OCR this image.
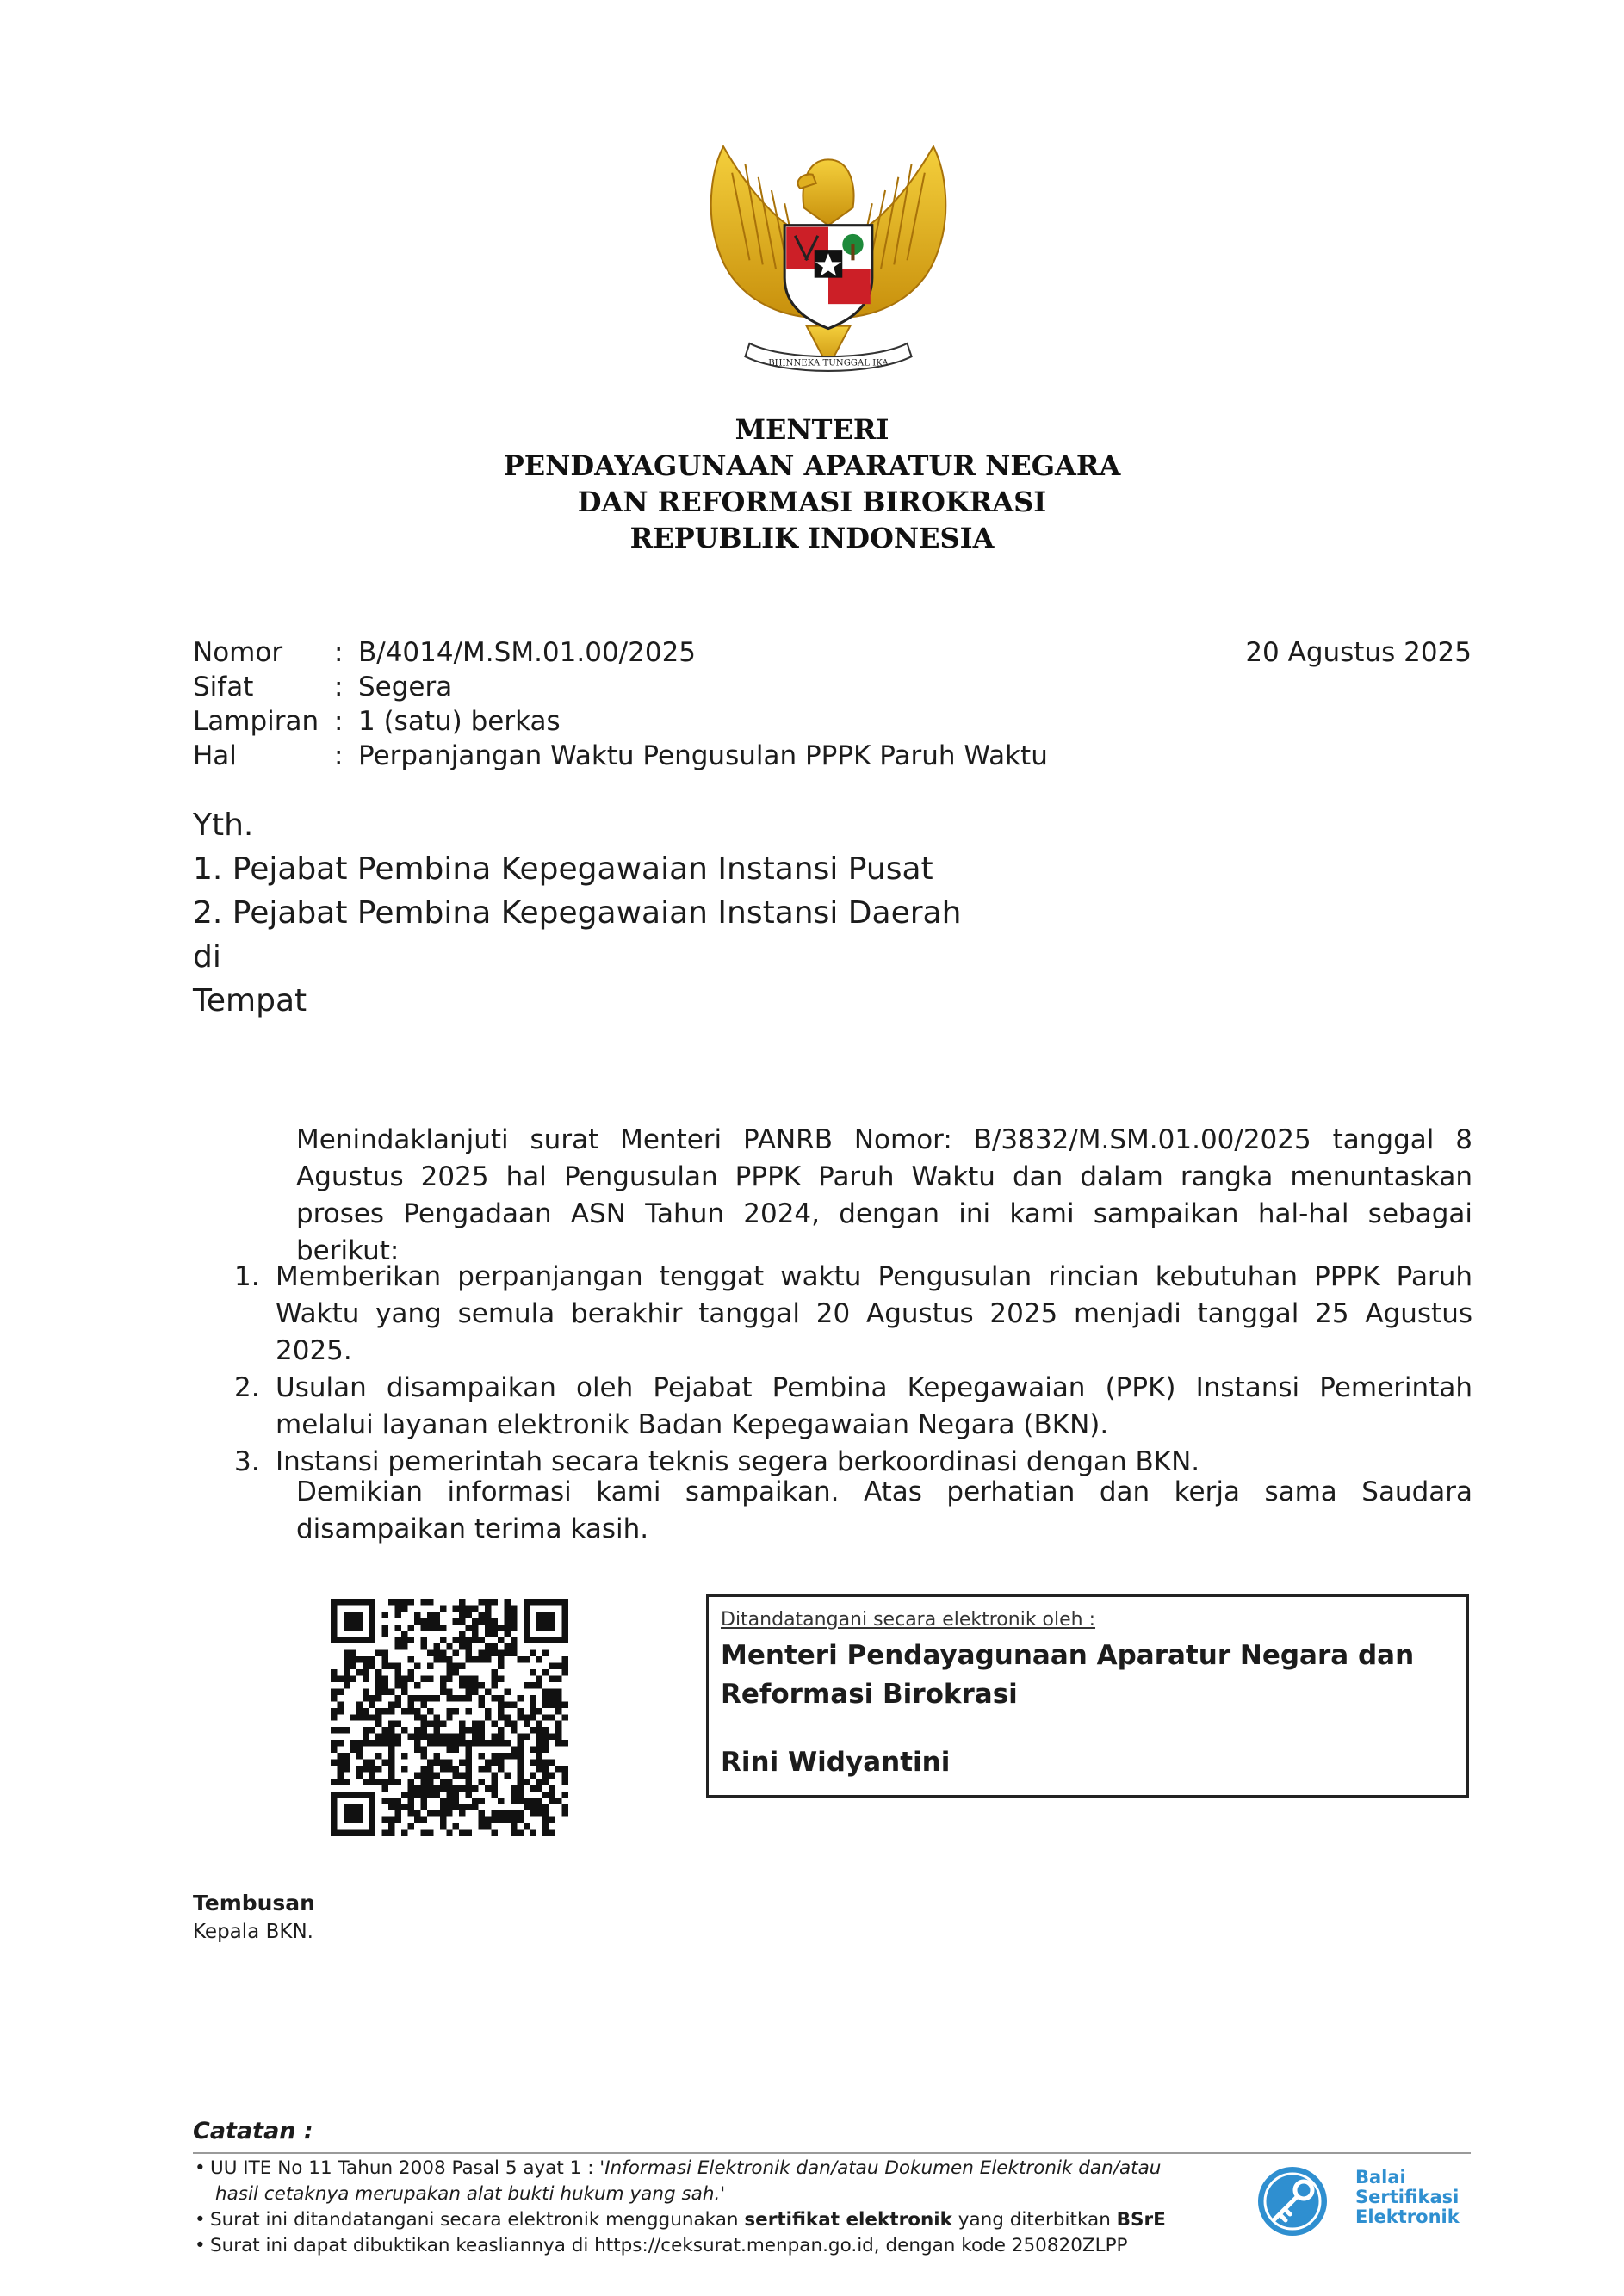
BHINNEKA TUNGGAL IKA
MENTERI
PENDAYAGUNAAN APARATUR NEGARA
DAN REFORMASI BIROKRASI
REPUBLIK INDONESIA
Nomor : B/4014/M.SM.01.00/2025
Sifat	: Segera
Lampiran : 1 (satu) berkas
Hal	: Perpanjangan Waktu Pengusulan PPPK Paruh Waktu
20 Agustus 2025
Yth.
1. Pejabat Pembina Kepegawaian Instansi Pusat
2. Pejabat Pembina Kepegawaian Instansi Daerah
di
Tempat
Menindaklanjuti surat Menteri PANRB Nomor: B/3832/M.SM.01.00/2025 tanggal 8 Agustus 2025 hal Pengusulan PPPK Paruh Waktu dan dalam rangka menuntaskan proses Pengadaan ASN Tahun 2024, dengan ini kami sampaikan hal-hal sebagai berikut:
1. Memberikan perpanjangan tenggat waktu Pengusulan rincian kebutuhan PPPK Paruh Waktu yang semula berakhir tanggal 20 Agustus 2025 menjadi tanggal 25 Agustus 2025.
2. Usulan disampaikan oleh Pejabat Pembina Kepegawaian (PPK) Instansi Pemerintah melalui layanan elektronik Badan Kepegawaian Negara (BKN).
3. Instansi pemerintah secara teknis segera berkoordinasi dengan BKN.
Demikian informasi kami sampaikan. Atas perhatian dan kerja sama Saudara disampaikan terima kasih.
Ditandatangani secara elektronik oleh :
Menteri Pendayagunaan Aparatur Negara dan Reformasi Birokrasi
Rini Widyantini
Tembusan
Kepala BKN.
Catatan :
• UU ITE No 11 Tahun 2008 Pasal 5 ayat 1 : 'Informasi Elektronik dan/atau Dokumen Elektronik dan/atau
hasil cetaknya merupakan alat bukti hukum yang sah.'
• Surat ini ditandatangani secara elektronik menggunakan sertifikat elektronik yang diterbitkan BSrE
• Surat ini dapat dibuktikan keasliannya di https://ceksurat.menpan.go.id, dengan kode 250820ZLPP
Balai
Sertifikasi
Elektronik
